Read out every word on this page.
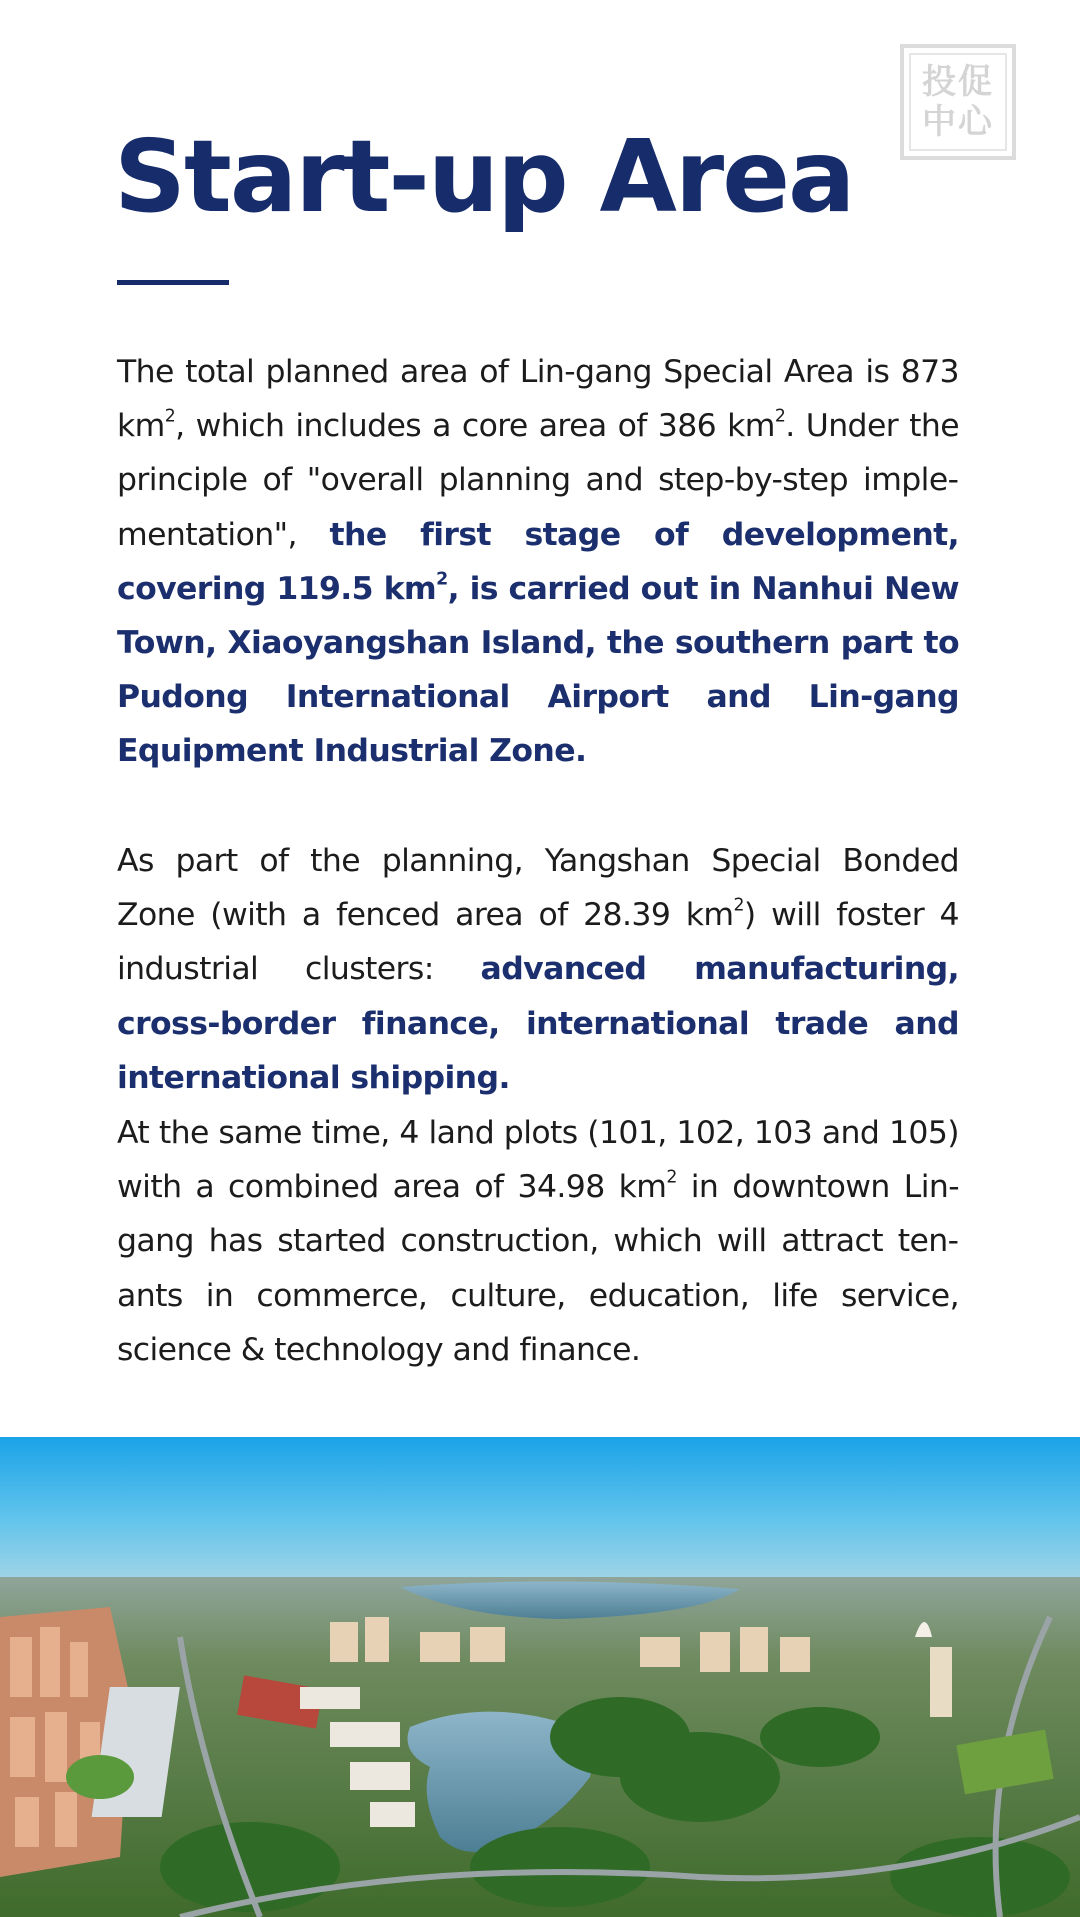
投促
中心
Start-up Area

The total planned area of Lin-gang Special Area is 873 $km^2$, which includes a core area of 386 $km^2$. Under the principle of "overall planning and step-by-step implementation", the first stage of development, covering 119.5 $km^2$, is carried out in Nanhui New Town, Xiaoyangshan Island, the southern part to Pudong International Airport and Lin-gang Equipment Industrial Zone.

As part of the planning, Yangshan Special Bonded Zone (with a fenced area of 28.39 $km^2$) will foster 4 industrial clusters: advanced manufacturing, cross-border finance, international trade and international shipping.

At the same time, 4 land plots (101, 102, 103 and 105) with a combined area of 34.98 $km^2$ in downtown Lin-gang has started construction, which will attract tenants in commerce, culture, education, life service, science & technology and finance.
